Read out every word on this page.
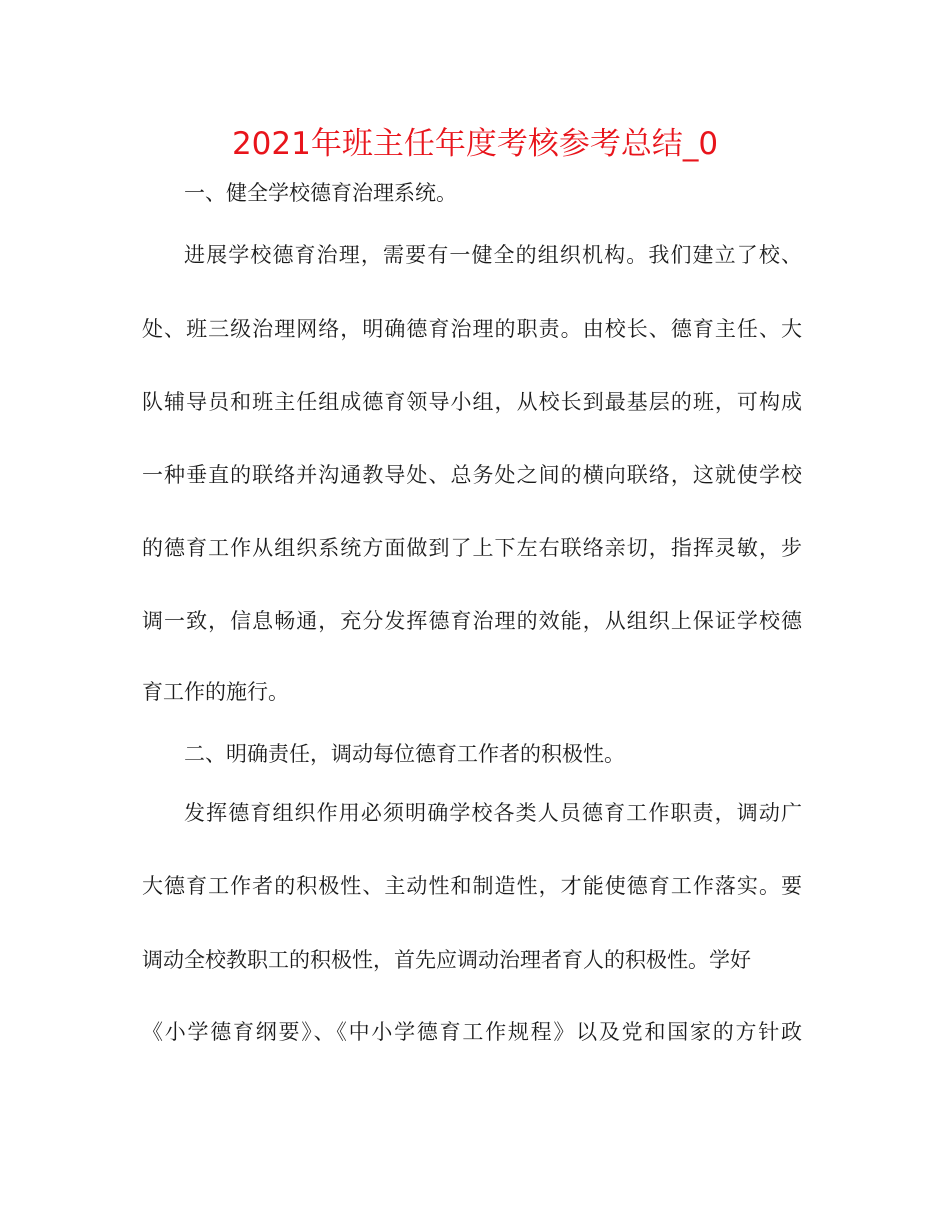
2021年班主任年度考核参考总结_0
一、健全学校德育治理系统。
进展学校德育治理，需要有一健全的组织机构。我们建立了校、
处、班三级治理网络，明确德育治理的职责。由校长、德育主任、大
队辅导员和班主任组成德育领导小组，从校长到最基层的班，可构成
一种垂直的联络并沟通教导处、总务处之间的横向联络，这就使学校
的德育工作从组织系统方面做到了上下左右联络亲切，指挥灵敏，步
调一致，信息畅通，充分发挥德育治理的效能，从组织上保证学校德
育工作的施行。
二、明确责任，调动每位德育工作者的积极性。
发挥德育组织作用必须明确学校各类人员德育工作职责，调动广
大德育工作者的积极性、主动性和制造性，才能使德育工作落实。要
调动全校教职工的积极性，首先应调动治理者育人的积极性。学好
《小学德育纲要》、《中小学德育工作规程》以及党和国家的方针政
